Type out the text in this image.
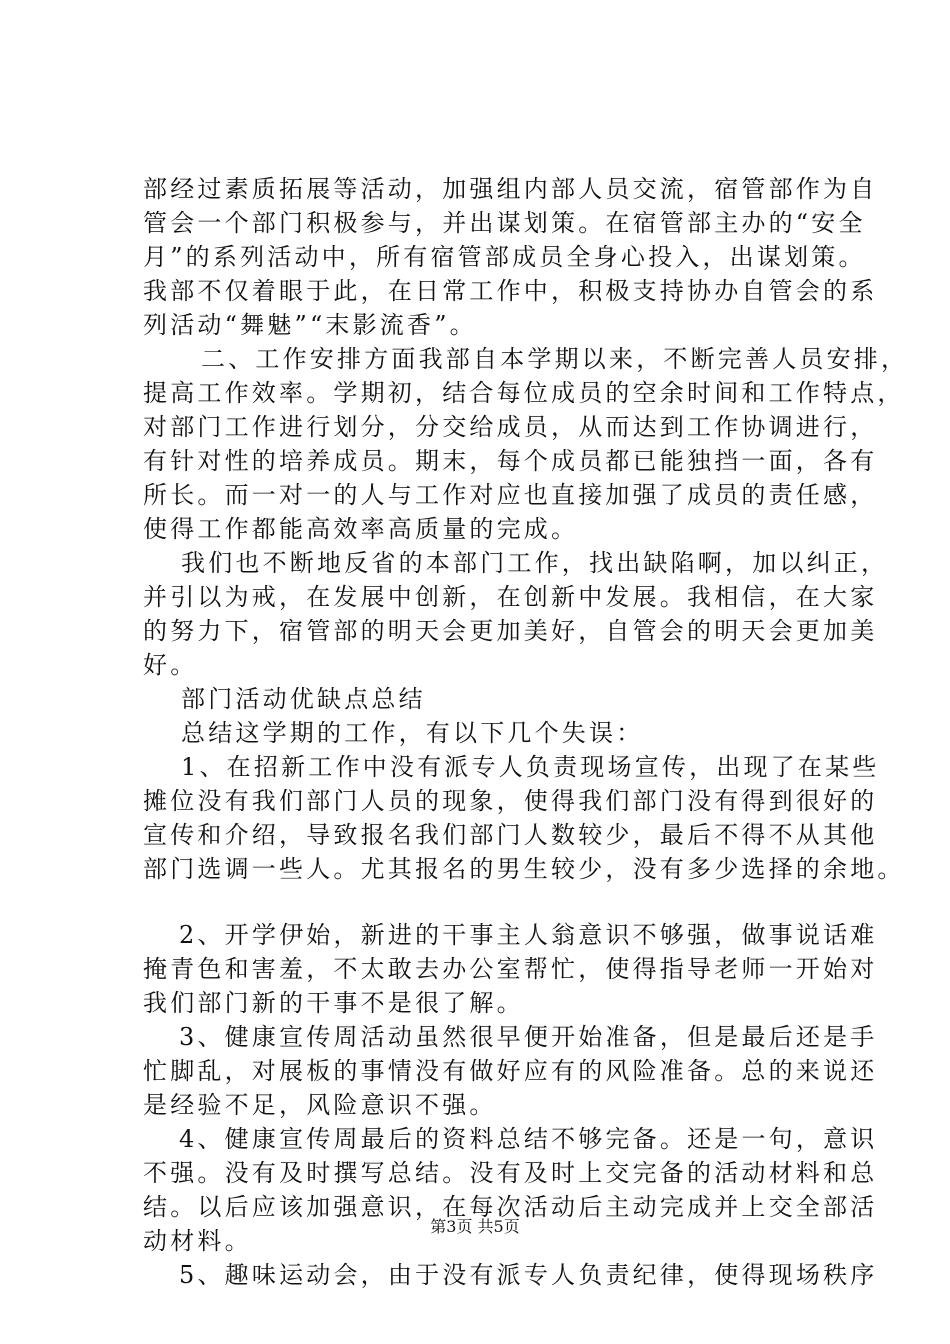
部经过素质拓展等活动，加强组内部人员交流，宿管部作为自
管会一个部门积极参与，并出谋划策。在宿管部主办的“安全
月”的系列活动中，所有宿管部成员全身心投入，出谋划策。
我部不仅着眼于此，在日常工作中，积极支持协办自管会的系
列活动“舞魅”“末影流香”。
二、工作安排方面我部自本学期以来，不断完善人员安排，
提高工作效率。学期初，结合每位成员的空余时间和工作特点，
对部门工作进行划分，分交给成员，从而达到工作协调进行，
有针对性的培养成员。期末，每个成员都已能独挡一面，各有
所长。而一对一的人与工作对应也直接加强了成员的责任感，
使得工作都能高效率高质量的完成。
我们也不断地反省的本部门工作，找出缺陷啊，加以纠正，
并引以为戒，在发展中创新，在创新中发展。我相信，在大家
的努力下，宿管部的明天会更加美好，自管会的明天会更加美
好。
部门活动优缺点总结
总结这学期的工作，有以下几个失误：
1、在招新工作中没有派专人负责现场宣传，出现了在某些
摊位没有我们部门人员的现象，使得我们部门没有得到很好的
宣传和介绍，导致报名我们部门人数较少，最后不得不从其他
部门选调一些人。尤其报名的男生较少，没有多少选择的余地。
2、开学伊始，新进的干事主人翁意识不够强，做事说话难
掩青色和害羞，不太敢去办公室帮忙，使得指导老师一开始对
我们部门新的干事不是很了解。
3、健康宣传周活动虽然很早便开始准备，但是最后还是手
忙脚乱，对展板的事情没有做好应有的风险准备。总的来说还
是经验不足，风险意识不强。
4、健康宣传周最后的资料总结不够完备。还是一句，意识
不强。没有及时撰写总结。没有及时上交完备的活动材料和总
结。以后应该加强意识，在每次活动后主动完成并上交全部活
动材料。
5、趣味运动会，由于没有派专人负责纪律，使得现场秩序
第3页 共5页
